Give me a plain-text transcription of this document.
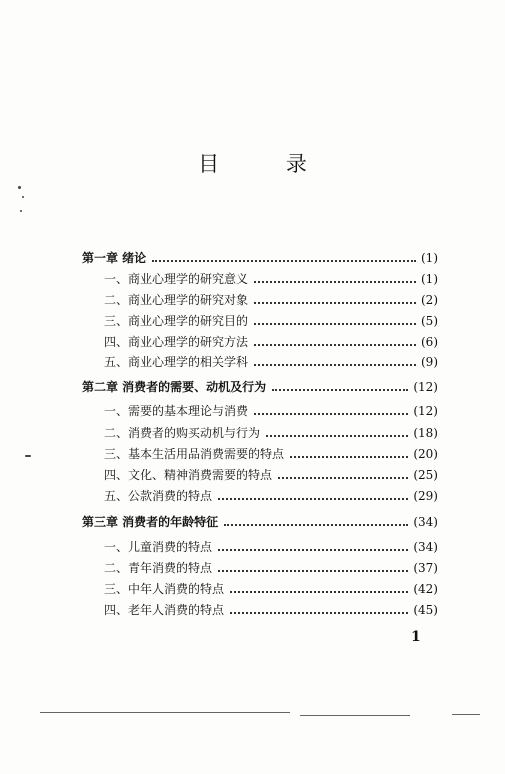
目 录
第一章 绪论	(1)
一、商业心理学的研究意义	(1)
二、商业心理学的研究对象	(2)
三、商业心理学的研究目的	(5)
四、商业心理学的研究方法	(6)
五、商业心理学的相关学科	(9)
第二章 消费者的需要、动机及行为	(12)
一、需要的基本理论与消费	(12)
二、消费者的购买动机与行为	(18)
三、基本生活用品消费需要的特点	(20)
四、文化、精神消费需要的特点	(25)
五、公款消费的特点	(29)
第三章 消费者的年龄特征	(34)
一、儿童消费的特点	(34)
二、青年消费的特点	(37)
三、中年人消费的特点	(42)
四、老年人消费的特点	(45)
1
